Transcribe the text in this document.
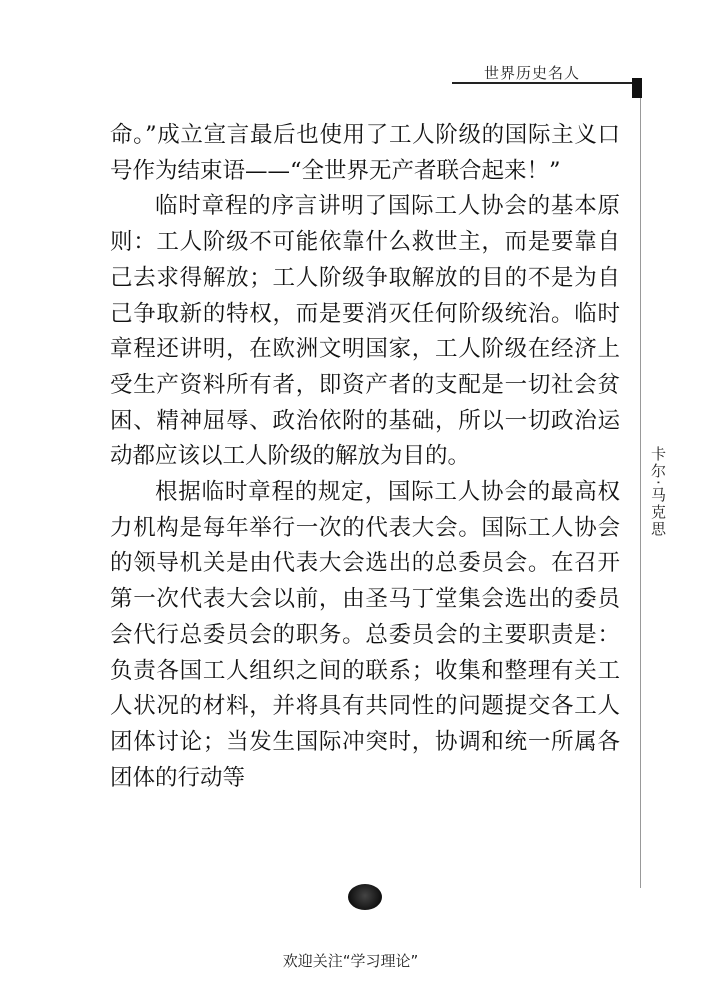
世界历史名人
卡尔·马克思

命。”成立宣言最后也使用了工人阶级的国际主义口号作为结束语——“全世界无产者联合起来！”

临时章程的序言讲明了国际工人协会的基本原则：工人阶级不可能依靠什么救世主，而是要靠自己去求得解放；工人阶级争取解放的目的不是为自己争取新的特权，而是要消灭任何阶级统治。临时章程还讲明，在欧洲文明国家，工人阶级在经济上受生产资料所有者，即资产者的支配是一切社会贫困、精神屈辱、政治依附的基础，所以一切政治运动都应该以工人阶级的解放为目的。

根据临时章程的规定，国际工人协会的最高权力机构是每年举行一次的代表大会。国际工人协会的领导机关是由代表大会选出的总委员会。在召开第一次代表大会以前，由圣马丁堂集会选出的委员会代行总委员会的职务。总委员会的主要职责是：负责各国工人组织之间的联系；收集和整理有关工人状况的材料，并将具有共同性的问题提交各工人团体讨论；当发生国际冲突时，协调和统一所属各团体的行动等

欢迎关注“学习理论”
